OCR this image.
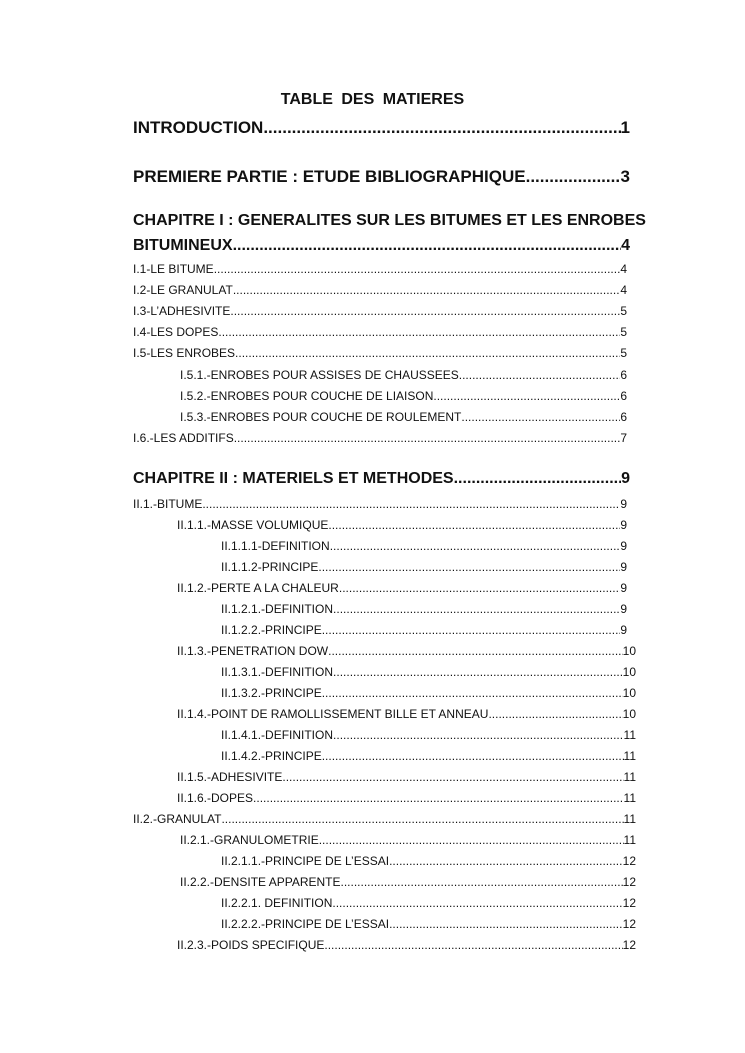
TABLE DES MATIERES
INTRODUCTION .....	1
PREMIERE PARTIE : ETUDE BIBLIOGRAPHIQUE .....	3
CHAPITRE I : GENERALITES SUR LES BITUMES ET LES ENROBES
BITUMINEUX .....	4
I.1-LE BITUME .....	4
I.2-LE GRANULAT .....	4
I.3-L’ADHESIVITE .....	5
I.4-LES DOPES .....	5
I.5-LES ENROBES .....	5
I.5.1.-ENROBES POUR ASSISES DE CHAUSSEES .....	6
I.5.2.-ENROBES POUR COUCHE DE LIAISON .....	6
I.5.3.-ENROBES POUR COUCHE DE ROULEMENT .....	6
I.6.-LES ADDITIFS .....	7
CHAPITRE II : MATERIELS ET METHODES .....	9
II.1.-BITUME .....	9
II.1.1.-MASSE VOLUMIQUE .....	9
II.1.1.1-DEFINITION .....	9
II.1.1.2-PRINCIPE .....	9
II.1.2.-PERTE A LA CHALEUR .....	9
II.1.2.1.-DEFINITION .....	9
II.1.2.2.-PRINCIPE .....	9
II.1.3.-PENETRATION DOW .....	10
II.1.3.1.-DEFINITION .....	10
II.1.3.2.-PRINCIPE .....	10
II.1.4.-POINT DE RAMOLLISSEMENT BILLE ET ANNEAU .....	10
II.1.4.1.-DEFINITION .....	11
II.1.4.2.-PRINCIPE .....	11
II.1.5.-ADHESIVITE .....	11
II.1.6.-DOPES .....	11
II.2.-GRANULAT .....	11
II.2.1.-GRANULOMETRIE .....	11
II.2.1.1.-PRINCIPE DE L’ESSAI .....	12
II.2.2.-DENSITE APPARENTE .....	12
II.2.2.1. DEFINITION .....	12
II.2.2.2.-PRINCIPE DE L’ESSAI .....	12
II.2.3.-POIDS SPECIFIQUE .....	12
